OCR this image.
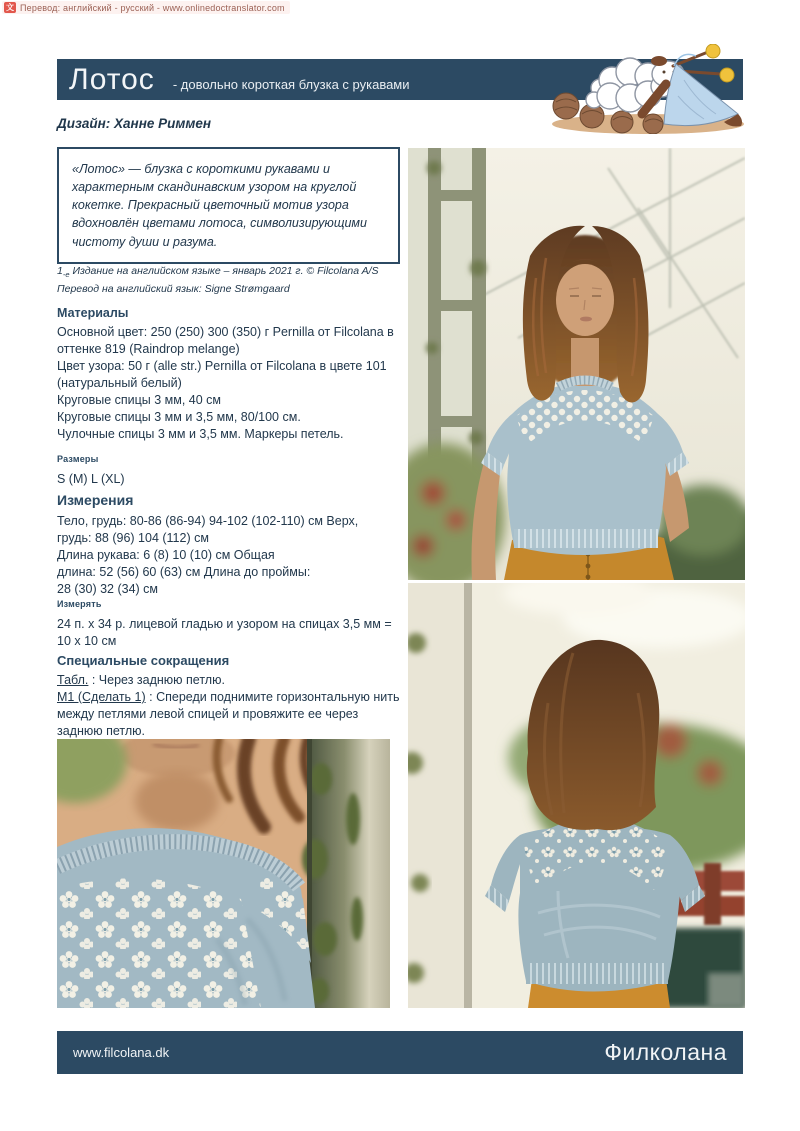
文 Перевод: английский - русский - www.onlinedoctranslator.com
Лотос - довольно короткая блузка с рукавами
Дизайн: Ханне Риммен
«Лотос» — блузка с короткими рукавами и характерным скандинавским узором на круглой кокетке. Прекрасный цветочный мотив узора вдохновлён цветами лотоса, символизирующими чистоту души и разума.
$1_{-е}$ Издание на английском языке – январь 2021 г. © Filcolana A/S
Перевод на английский язык: Signe Strømgaard
Материалы
Основной цвет: 250 (250) 300 (350) г Pernilla от Filcolana в оттенке 819 (Raindrop melange)
Цвет узора: 50 г (alle str.) Pernilla от Filcolana в цвете 101 (натуральный белый)
Круговые спицы 3 мм, 40 см
Круговые спицы 3 мм и 3,5 мм, 80/100 см.
Чулочные спицы 3 мм и 3,5 мм. Маркеры петель.
Размеры
S (M) L (XL)
Измерения
Тело, грудь: 80-86 (86-94) 94-102 (102-110) см Верх,
грудь: 88 (96) 104 (112) см
Длина рукава: 6 (8) 10 (10) см Общая
длина: 52 (56) 60 (63) см Длина до проймы:
28 (30) 32 (34) см
Измерять
24 п. x 34 р. лицевой гладью и узором на спицах 3,5 мм =
10 x 10 см
Специальные сокращения
Табл. : Через заднюю петлю.
М1 (Сделать 1) : Спереди поднимите горизонтальную нить между петлями левой спицей и провяжите ее через заднюю петлю.
www.filcolana.dk	Филколана
